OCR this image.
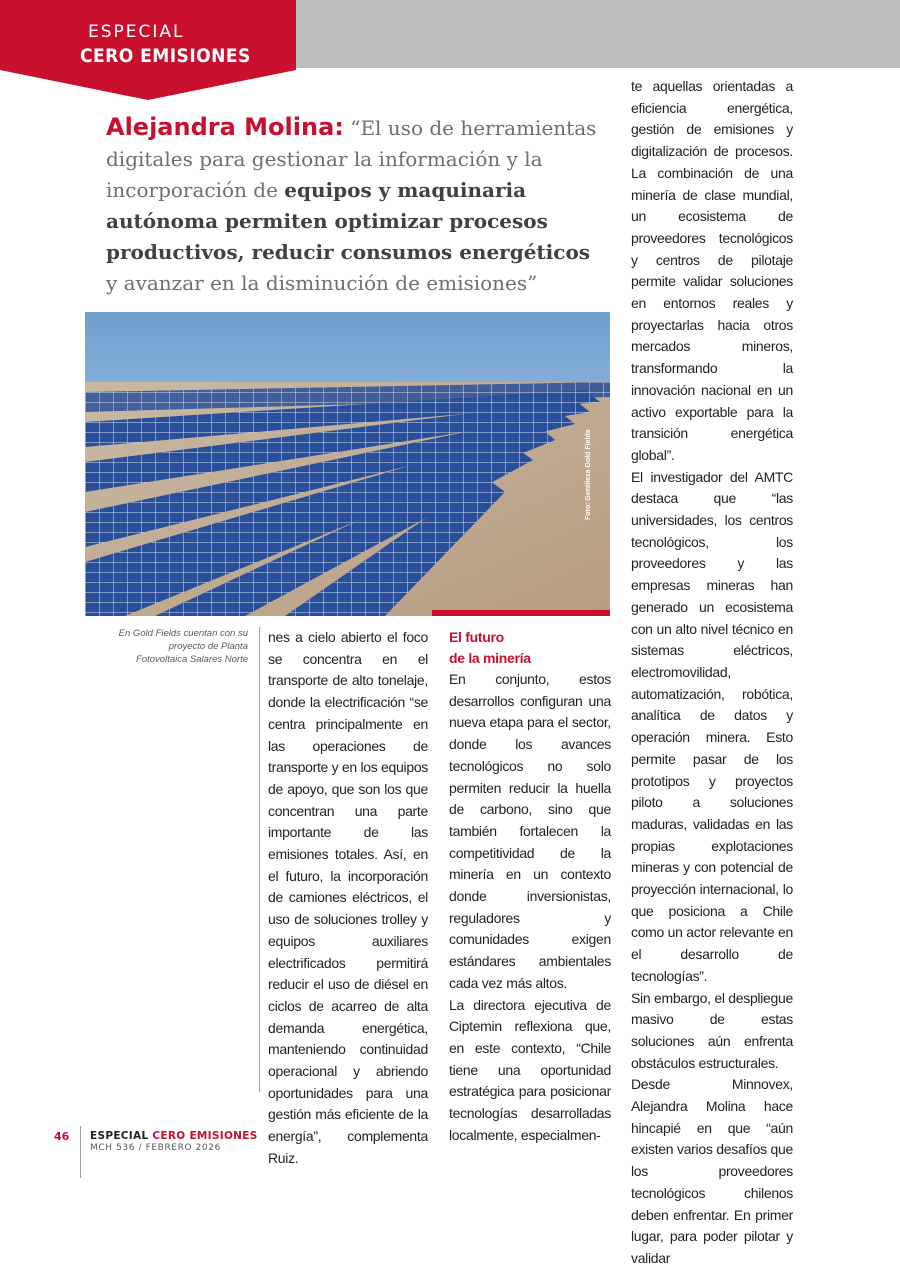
ESPECIAL
CERO EMISIONES
Alejandra Molina: “El uso de herramientas digitales para gestionar la información y la incorporación de equipos y maquinaria autónoma permiten optimizar procesos productivos, reducir consumos energéticos y avanzar en la disminución de emisiones”
Foto: Gentileza Gold Fields
En Gold Fields cuentan con su proyecto de Planta Fotovoltaica Salares Norte

nes a cielo abierto el foco se concentra en el transporte de alto tonelaje, donde la electrificación “se centra principalmente en las operaciones de transporte y en los equipos de apoyo, que son los que concentran una parte importante de las emisiones totales. Así, en el futuro, la incorporación de camiones eléctricos, el uso de soluciones trolley y equipos auxiliares electrificados permitirá reducir el uso de diésel en ciclos de acarreo de alta demanda energética, manteniendo continuidad operacional y abriendo oportunidades para una gestión más eficiente de la energía”, complementa Ruiz.

El futuro
de la minería

En conjunto, estos desarrollos configuran una nueva etapa para el sector, donde los avances tecnológicos no solo permiten reducir la huella de carbono, sino que también fortalecen la competitividad de la minería en un contexto donde inversionistas, reguladores y comunidades exigen estándares ambientales cada vez más altos.

La directora ejecutiva de Ciptemin reflexiona que, en este contexto, “Chile tiene una oportunidad estratégica para posicionar tecnologías desarrolladas localmente, especialmen-

te aquellas orientadas a eficiencia energética, gestión de emisiones y digitalización de procesos. La combinación de una minería de clase mundial, un ecosistema de proveedores tecnológicos y centros de pilotaje permite validar soluciones en entornos reales y proyectarlas hacia otros mercados mineros, transformando la innovación nacional en un activo exportable para la transición energética global”.

El investigador del AMTC destaca que “las universidades, los centros tecnológicos, los proveedores y las empresas mineras han generado un ecosistema con un alto nivel técnico en sistemas eléctricos, electromovilidad, automatización, robótica, analítica de datos y operación minera. Esto permite pasar de los prototipos y proyectos piloto a soluciones maduras, validadas en las propias explotaciones mineras y con potencial de proyección internacional, lo que posiciona a Chile como un actor relevante en el desarrollo de tecnologías”.

Sin embargo, el despliegue masivo de estas soluciones aún enfrenta obstáculos estructurales.

Desde Minnovex, Alejandra Molina hace hincapié en que “aún existen varios desafíos que los proveedores tecnológicos chilenos deben enfrentar. En primer lugar, para poder pilotar y validar

46 ESPECIAL CERO EMISIONES
MCH 536 / FEBRERO 2026
